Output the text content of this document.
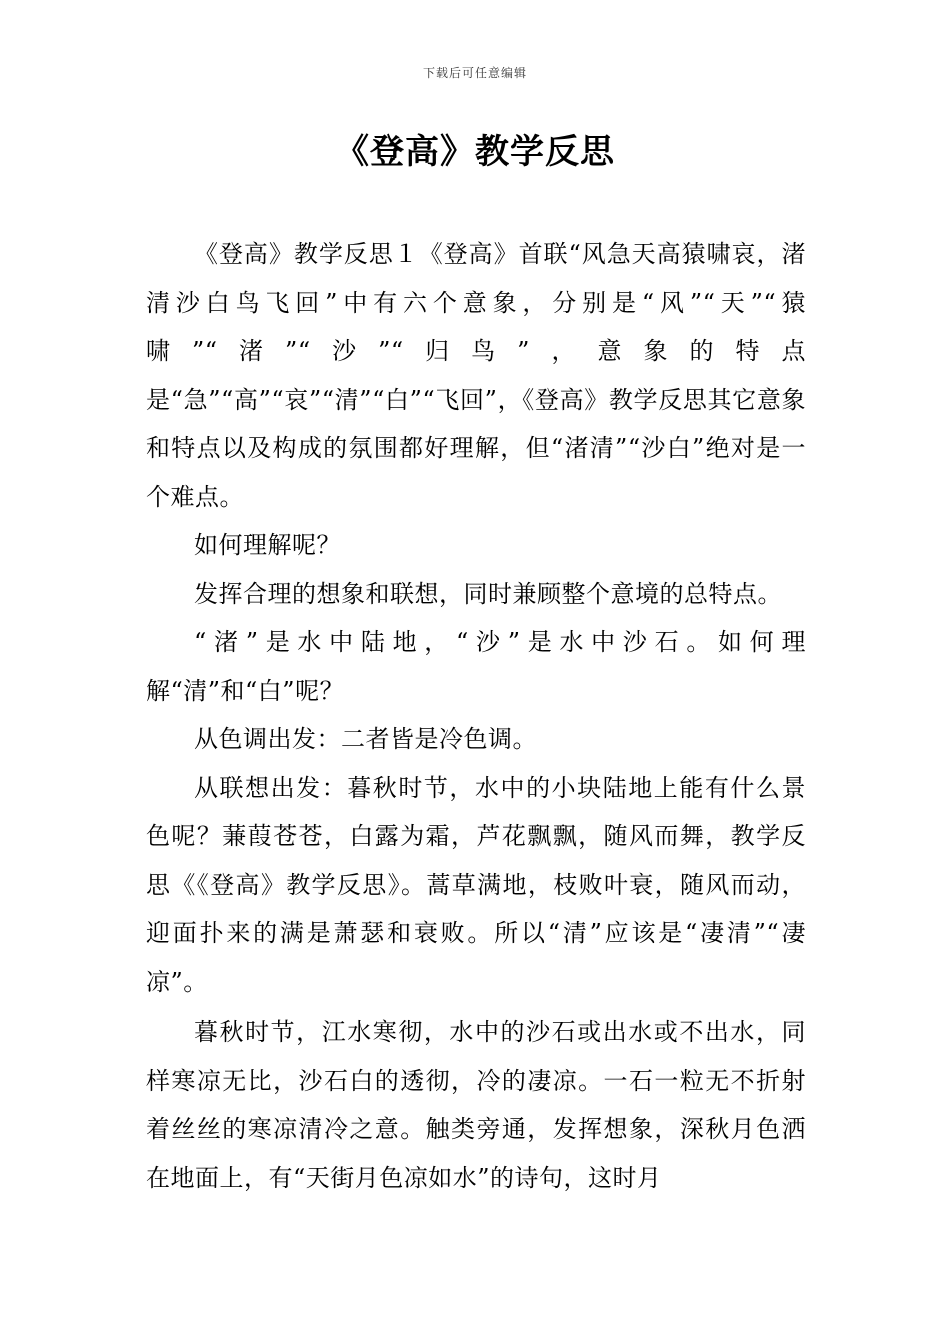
下载后可任意编辑
《登高》教学反思

《登高》教学反思１《登高》首联“风急天高猿啸哀，渚清沙白鸟飞回”中有六个意象，分别是“风”“天”“猿啸”“渚”“沙”“归鸟”，意象的特点是“急”“高”“哀”“清”“白”“飞回”，《登高》教学反思其它意象和特点以及构成的氛围都好理解，但“渚清”“沙白”绝对是一个难点。

如何理解呢？

发挥合理的想象和联想，同时兼顾整个意境的总特点。

“渚”是水中陆地，“沙”是水中沙石。如何理解“清”和“白”呢？

从色调出发：二者皆是冷色调。

从联想出发：暮秋时节，水中的小块陆地上能有什么景色呢？蒹葭苍苍，白露为霜，芦花飘飘，随风而舞，教学反思《《登高》教学反思》。蒿草满地，枝败叶衰，随风而动，迎面扑来的满是萧瑟和衰败。所以“清”应该是“凄清”“凄凉”。

暮秋时节，江水寒彻，水中的沙石或出水或不出水，同样寒凉无比，沙石白的透彻，冷的凄凉。一石一粒无不折射着丝丝的寒凉清冷之意。触类旁通，发挥想象，深秋月色洒在地面上，有“天街月色凉如水”的诗句，这时月
